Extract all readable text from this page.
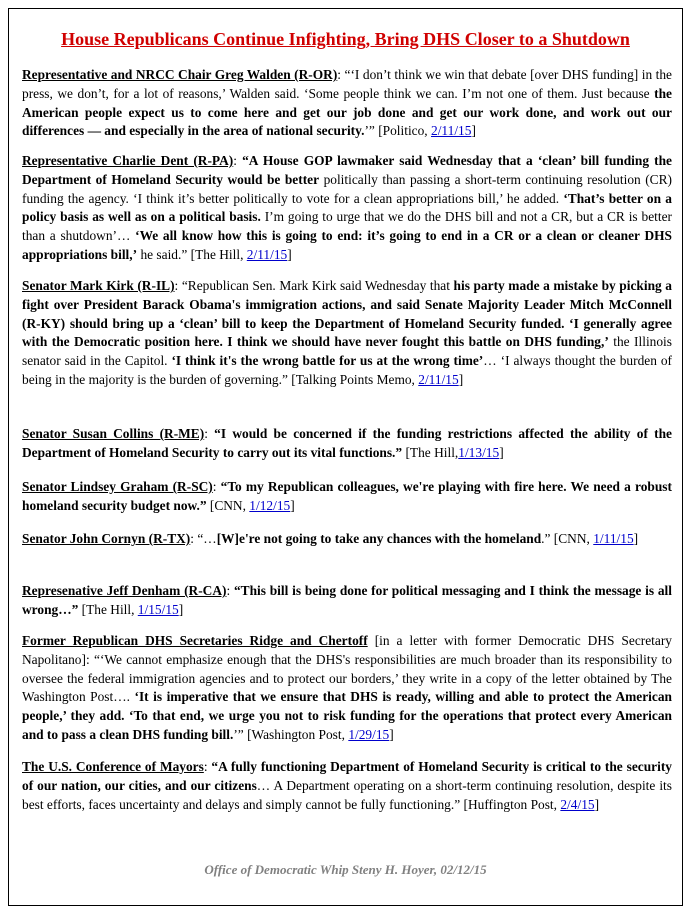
House Republicans Continue Infighting, Bring DHS Closer to a Shutdown
Representative and NRCC Chair Greg Walden (R-OR): “‘I don’t think we win that debate [over DHS funding] in the press, we don’t, for a lot of reasons,’ Walden said. ‘Some people think we can. I’m not one of them. Just because the American people expect us to come here and get our job done and get our work done, and work out our differences — and especially in the area of national security.’” [Politico, 2/11/15]
Representative Charlie Dent (R-PA): “A House GOP lawmaker said Wednesday that a ‘clean’ bill funding the Department of Homeland Security would be better politically than passing a short-term continuing resolution (CR) funding the agency. ‘I think it’s better politically to vote for a clean appropriations bill,’ he added. ‘That’s better on a policy basis as well as on a political basis. I’m going to urge that we do the DHS bill and not a CR, but a CR is better than a shutdown’… ‘We all know how this is going to end: it’s going to end in a CR or a clean or cleaner DHS appropriations bill,’ he said.” [The Hill, 2/11/15]
Senator Mark Kirk (R-IL): “Republican Sen. Mark Kirk said Wednesday that his party made a mistake by picking a fight over President Barack Obama's immigration actions, and said Senate Majority Leader Mitch McConnell (R-KY) should bring up a ‘clean’ bill to keep the Department of Homeland Security funded. ‘I generally agree with the Democratic position here. I think we should have never fought this battle on DHS funding,’ the Illinois senator said in the Capitol. ‘I think it's the wrong battle for us at the wrong time’… ‘I always thought the burden of being in the majority is the burden of governing.” [Talking Points Memo, 2/11/15]
Senator Susan Collins (R-ME): “I would be concerned if the funding restrictions affected the ability of the Department of Homeland Security to carry out its vital functions.” [The Hill,1/13/15]
Senator Lindsey Graham (R-SC): “To my Republican colleagues, we're playing with fire here. We need a robust homeland security budget now.” [CNN, 1/12/15]
Senator John Cornyn (R-TX): “…[W]e're not going to take any chances with the homeland.” [CNN, 1/11/15]
Represenative Jeff Denham (R-CA): “This bill is being done for political messaging and I think the message is all wrong…” [The Hill, 1/15/15]
Former Republican DHS Secretaries Ridge and Chertoff [in a letter with former Democratic DHS Secretary Napolitano]: “‘We cannot emphasize enough that the DHS's responsibilities are much broader than its responsibility to oversee the federal immigration agencies and to protect our borders,’ they write in a copy of the letter obtained by The Washington Post…. ‘It is imperative that we ensure that DHS is ready, willing and able to protect the American people,’ they add. ‘To that end, we urge you not to risk funding for the operations that protect every American and to pass a clean DHS funding bill.’” [Washington Post, 1/29/15]
The U.S. Conference of Mayors: “A fully functioning Department of Homeland Security is critical to the security of our nation, our cities, and our citizens… A Department operating on a short-term continuing resolution, despite its best efforts, faces uncertainty and delays and simply cannot be fully functioning.” [Huffington Post, 2/4/15]
Office of Democratic Whip Steny H. Hoyer, 02/12/15
